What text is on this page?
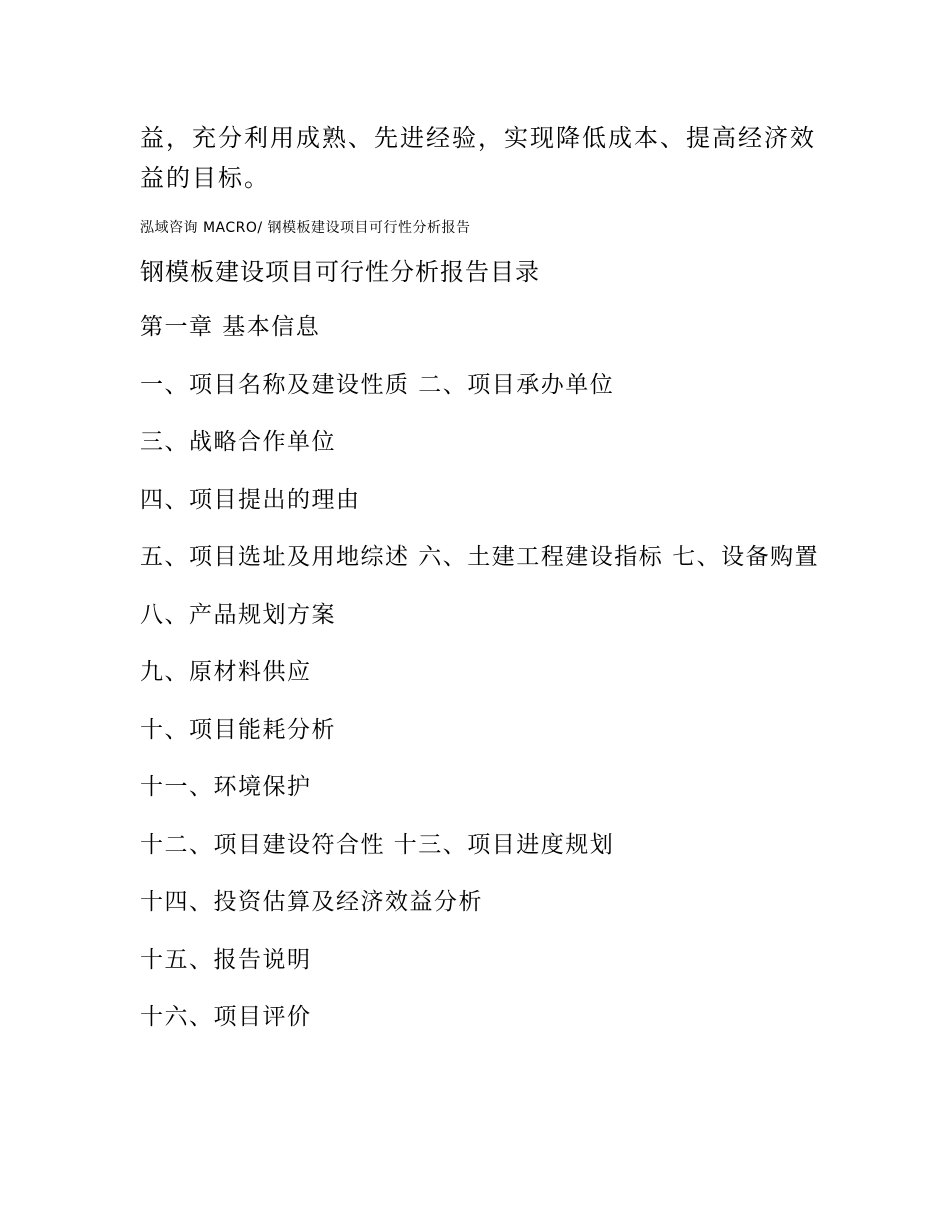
益，充分利用成熟、先进经验，实现降低成本、提高经济效益的目标。

泓域咨询 MACRO/ 钢模板建设项目可行性分析报告
钢模板建设项目可行性分析报告目录
第一章 基本信息
一、项目名称及建设性质 二、项目承办单位
三、战略合作单位
四、项目提出的理由
五、项目选址及用地综述 六、土建工程建设指标 七、设备购置
八、产品规划方案
九、原材料供应
十、项目能耗分析
十一、环境保护
十二、项目建设符合性 十三、项目进度规划
十四、投资估算及经济效益分析
十五、报告说明
十六、项目评价
